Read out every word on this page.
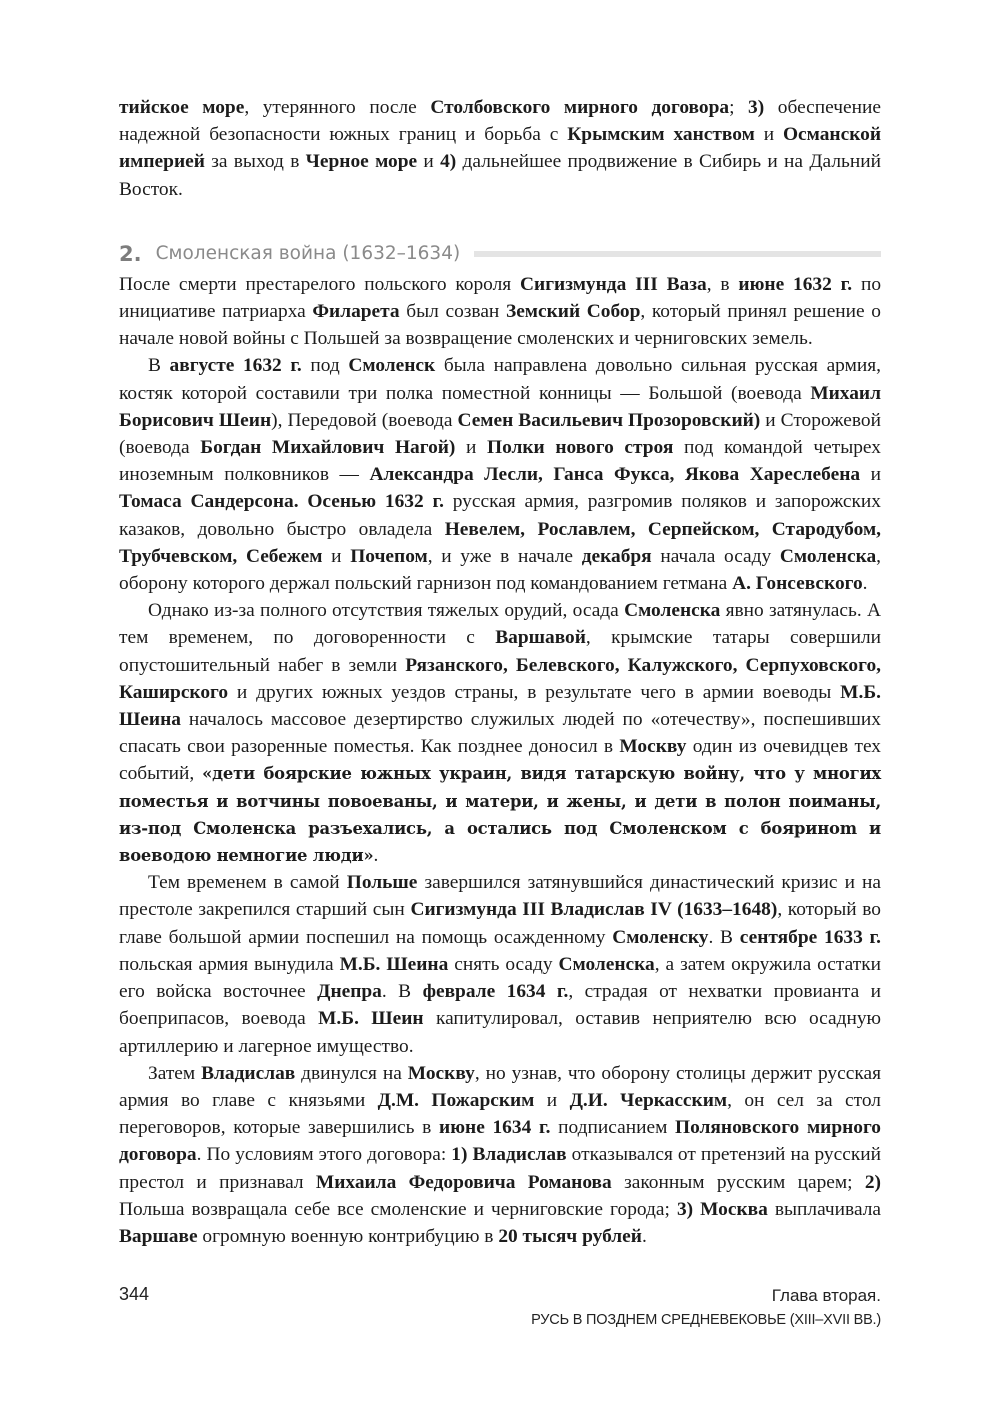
тийское море, утерянного после Столбовского мирного договора; 3) обеспечение надежной безопасности южных границ и борьба с Крымским ханством и Османской империей за выход в Черное море и 4) дальнейшее продвижение в Сибирь и на Дальний Восток.

2. Смоленская война (1632–1634)

После смерти престарелого польского короля Сигизмунда III Ваза, в июне 1632 г. по инициативе патриарха Филарета был созван Земский Собор, который принял решение о начале новой войны с Польшей за возвращение смоленских и черниговских земель.

В августе 1632 г. под Смоленск была направлена довольно сильная русская армия, костяк которой составили три полка поместной конницы — Большой (воевода Михаил Борисович Шеин), Передовой (воевода Семен Васильевич Прозоровский) и Сторожевой (воевода Богдан Михайлович Нагой) и Полки нового строя под командой четырех иноземным полковников — Александра Лесли, Ганса Фукса, Якова Хареслебена и Томаса Сандерсона. Осенью 1632 г. русская армия, разгромив поляков и запорожских казаков, довольно быстро овладела Невелем, Рославлем, Серпейском, Стародубом, Трубчевском, Себежем и Почепом, и уже в начале декабря начала осаду Смоленска, оборону которого держал польский гарнизон под командованием гетмана А. Гонсевского.

Однако из-за полного отсутствия тяжелых орудий, осада Смоленска явно затянулась. А тем временем, по договоренности с Варшавой, крымские татары совершили опустошительный набег в земли Рязанского, Белевского, Калужского, Серпуховского, Каширского и других южных уездов страны, в результате чего в армии воеводы М.Б. Шеина началось массовое дезертирство служилых людей по «отечеству», поспешивших спасать свои разоренные поместья. Как позднее доносил в Москву один из очевидцев тех событий, «дети боярские южных украин, видя татарскую войну, что у многих поместья и вотчины повоеваны, и матери, и жены, и дети в полон поиманы, из-под Смоленска разъехались, а остались под Смоленском с бояриноm и воеводою немногие люди».

Тем временем в самой Польше завершился затянувшийся династический кризис и на престоле закрепился старший сын Сигизмунда III Владислав IV (1633–1648), который во главе большой армии поспешил на помощь осажденному Смоленску. В сентябре 1633 г. польская армия вынудила М.Б. Шеина снять осаду Смоленска, а затем окружила остатки его войска восточнее Днепра. В феврале 1634 г., страдая от нехватки провианта и боеприпасов, воевода М.Б. Шеин капитулировал, оставив неприятелю всю осадную артиллерию и лагерное имущество.

Затем Владислав двинулся на Москву, но узнав, что оборону столицы держит русская армия во главе с князьями Д.М. Пожарским и Д.И. Черкасским, он сел за стол переговоров, которые завершились в июне 1634 г. подписанием Поляновского мирного договора. По условиям этого договора: 1) Владислав отказывался от претензий на русский престол и признавал Михаила Федоровича Романова законным русским царем; 2) Польша возвращала себе все смоленские и черниговские города; 3) Москва выплачивала Варшаве огромную военную контрибуцию в 20 тысяч рублей.

344	Глава вторая.
РУСЬ В ПОЗДНЕМ СРЕДНЕВЕКОВЬЕ (XIII–XVII ВВ.)
